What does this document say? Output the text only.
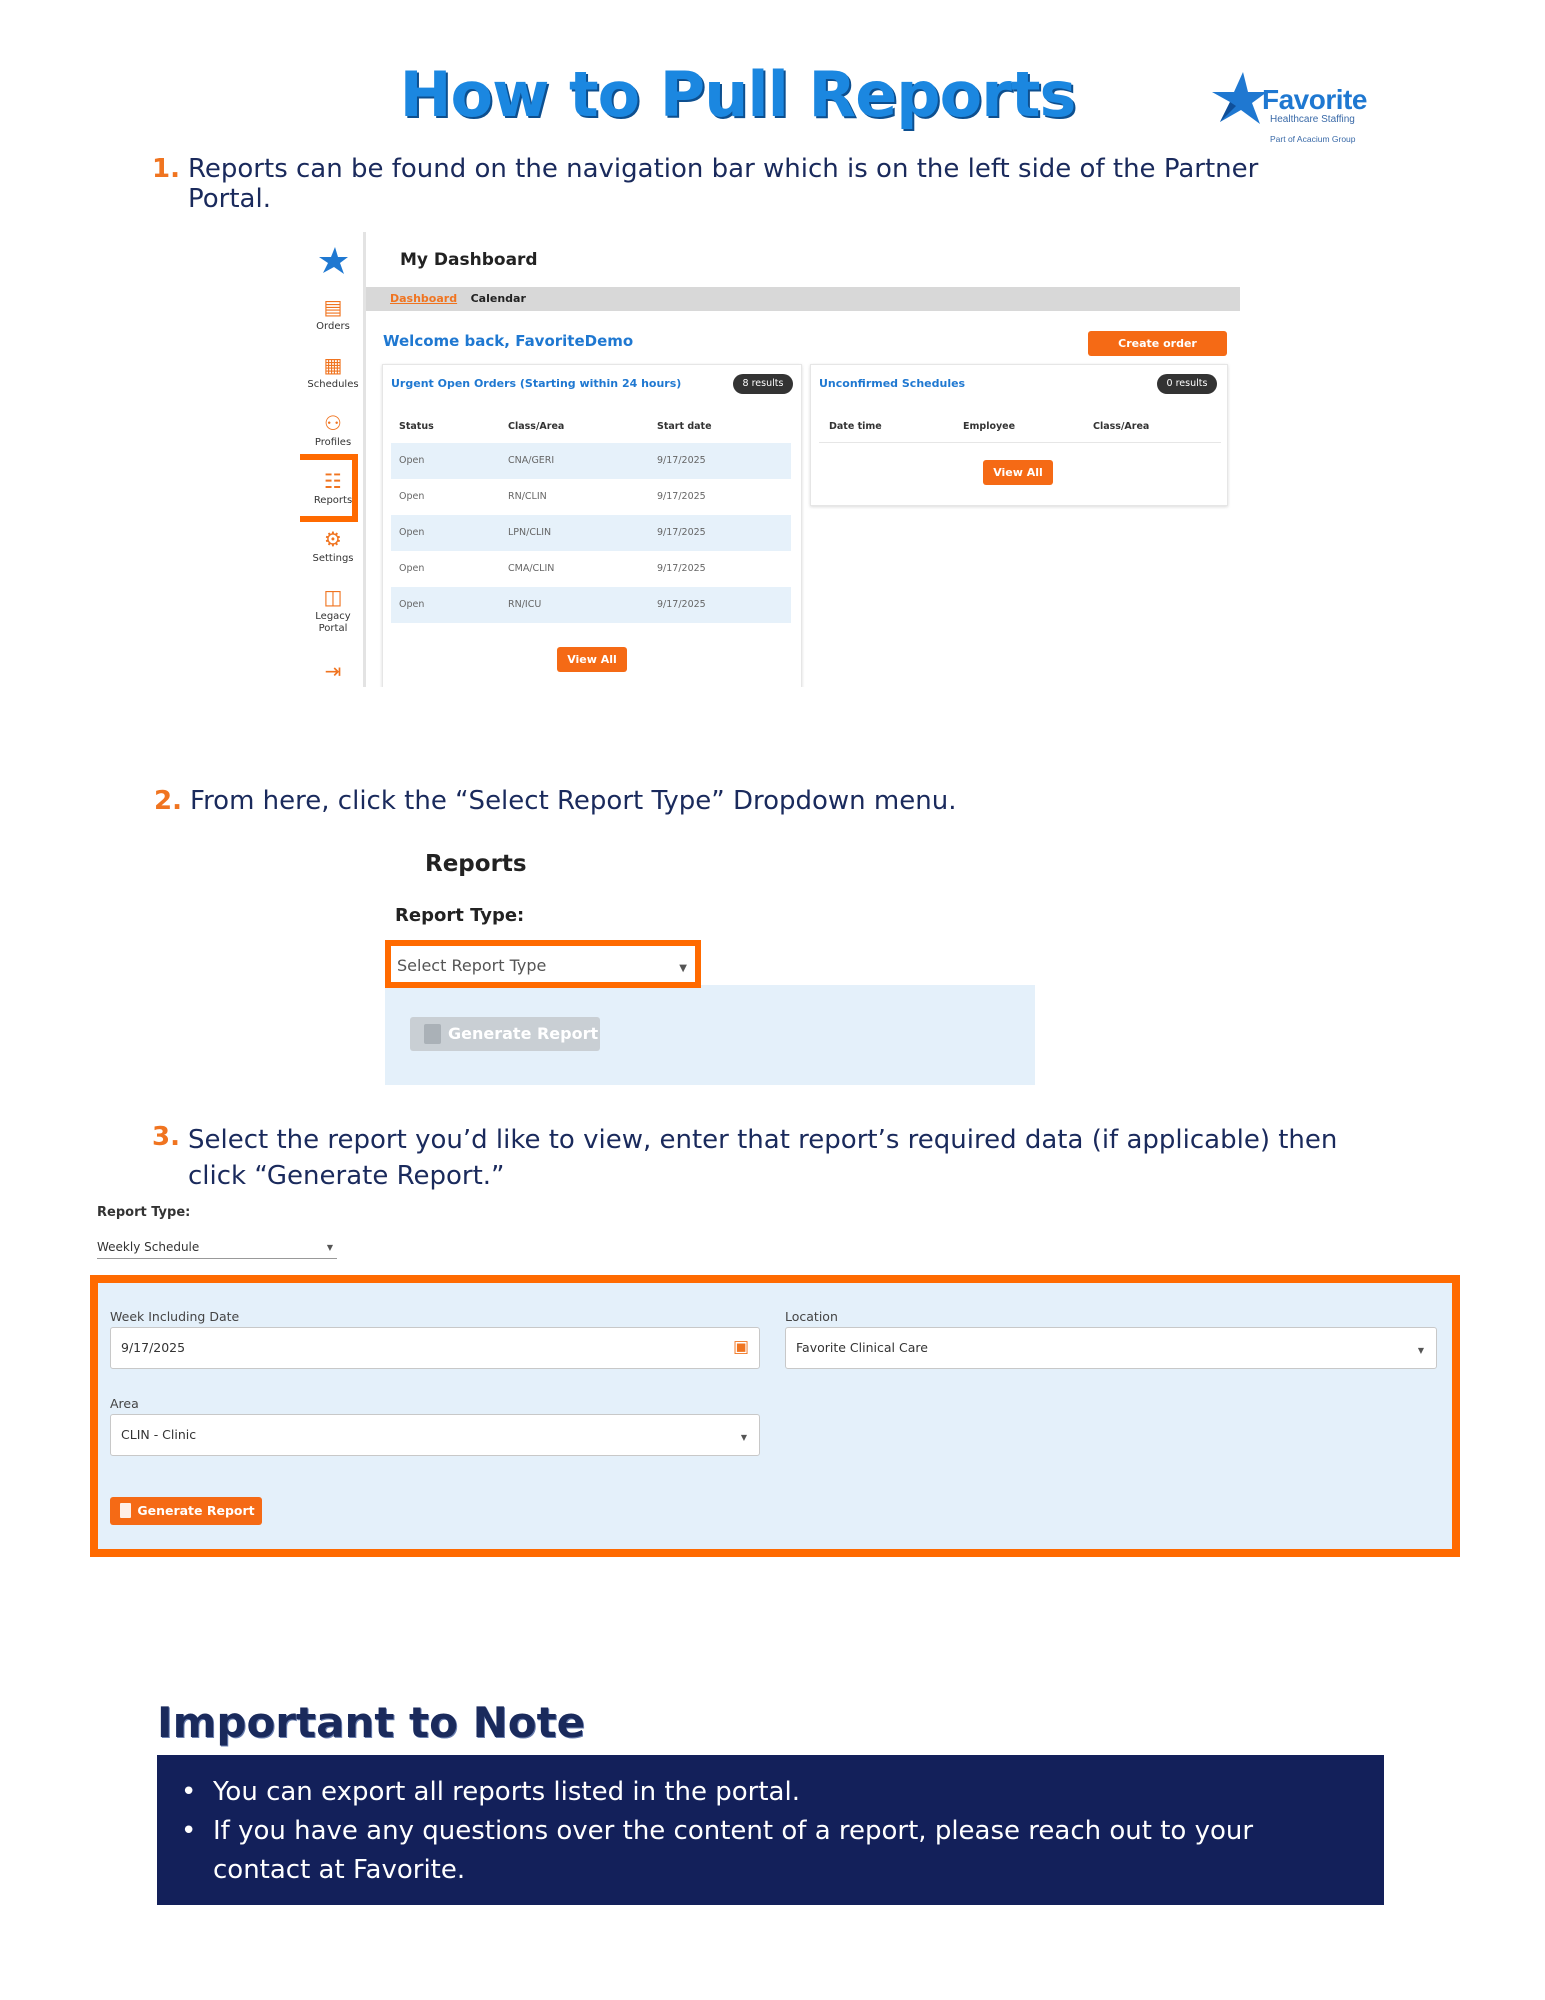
How to Pull Reports	Favorite
Healthcare Staffing
Part of Acacium Group
1. Reports can be found on the navigation bar which is on the left side of the Partner Portal.
▤
Orders
▦
Schedules
⚇
Profiles
☷
Reports
⚙
Settings
◫
Legacy Portal
⇥
My Dashboard
Dashboard Calendar
Welcome back, FavoriteDemo	Create order
Urgent Open Orders (Starting within 24 hours)	8 results
Status	Class/Area	Start date
Open	CNA/GERI	9/17/2025
Open	RN/CLIN	9/17/2025
Open	LPN/CLIN	9/17/2025
Open	CMA/CLIN	9/17/2025
Open	RN/ICU	9/17/2025
View All
Unconfirmed Schedules	0 results
Date time	Employee	Class/Area
View All
2. From here, click the “Select Report Type” Dropdown menu.
Reports
Report Type:
Select Report Type	▼
Generate Report
3. Select the report you’d like to view, enter that report’s required data (if applicable) then click “Generate Report.”
Report Type:
Weekly Schedule	▼
Week Including Date
9/17/2025	▣
Location
Favorite Clinical Care	▼
Area
CLIN - Clinic	▼
Generate Report
Important to Note
• You can export all reports listed in the portal.
• If you have any questions over the content of a report, please reach out to your contact at Favorite.
